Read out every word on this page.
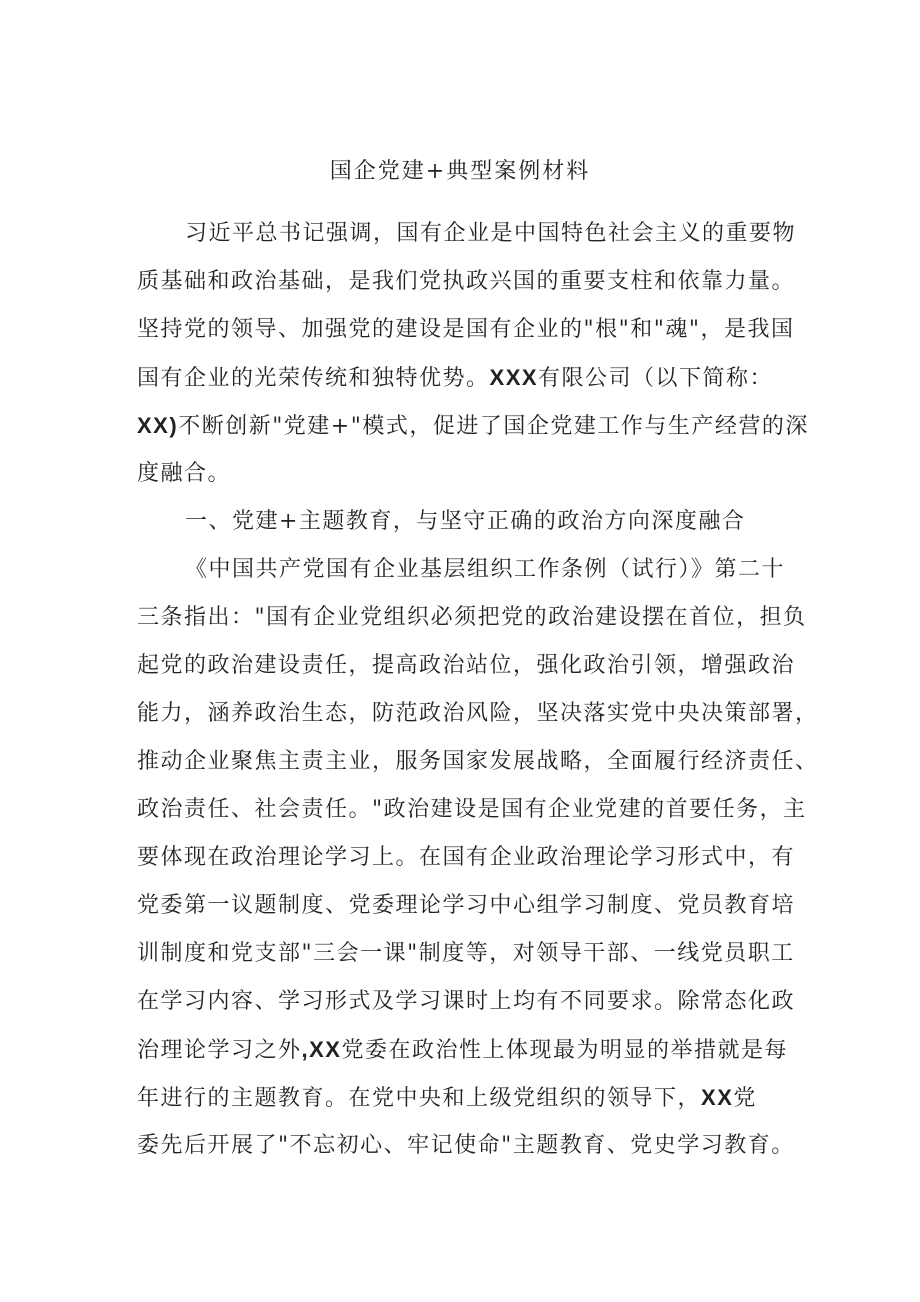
国企党建+典型案例材料

习近平总书记强调，国有企业是中国特色社会主义的重要物

质基础和政治基础，是我们党执政兴国的重要支柱和依靠力量。

坚持党的领导、加强党的建设是国有企业的"根"和"魂"，是我国

国有企业的光荣传统和独特优势。XXX有限公司（以下简称：

XX)不断创新"党建+"模式，促进了国企党建工作与生产经营的深

度融合。

一、党建+主题教育，与坚守正确的政治方向深度融合

《中国共产党国有企业基层组织工作条例（试行）》第二十

三条指出："国有企业党组织必须把党的政治建设摆在首位，担负

起党的政治建设责任，提高政治站位，强化政治引领，增强政治

能力，涵养政治生态，防范政治风险，坚决落实党中央决策部署，

推动企业聚焦主责主业，服务国家发展战略，全面履行经济责任、

政治责任、社会责任。"政治建设是国有企业党建的首要任务，主

要体现在政治理论学习上。在国有企业政治理论学习形式中，有

党委第一议题制度、党委理论学习中心组学习制度、党员教育培

训制度和党支部"三会一课"制度等，对领导干部、一线党员职工

在学习内容、学习形式及学习课时上均有不同要求。除常态化政

治理论学习之外,XX党委在政治性上体现最为明显的举措就是每

年进行的主题教育。在党中央和上级党组织的领导下，XX党

委先后开展了"不忘初心、牢记使命"主题教育、党史学习教育。
